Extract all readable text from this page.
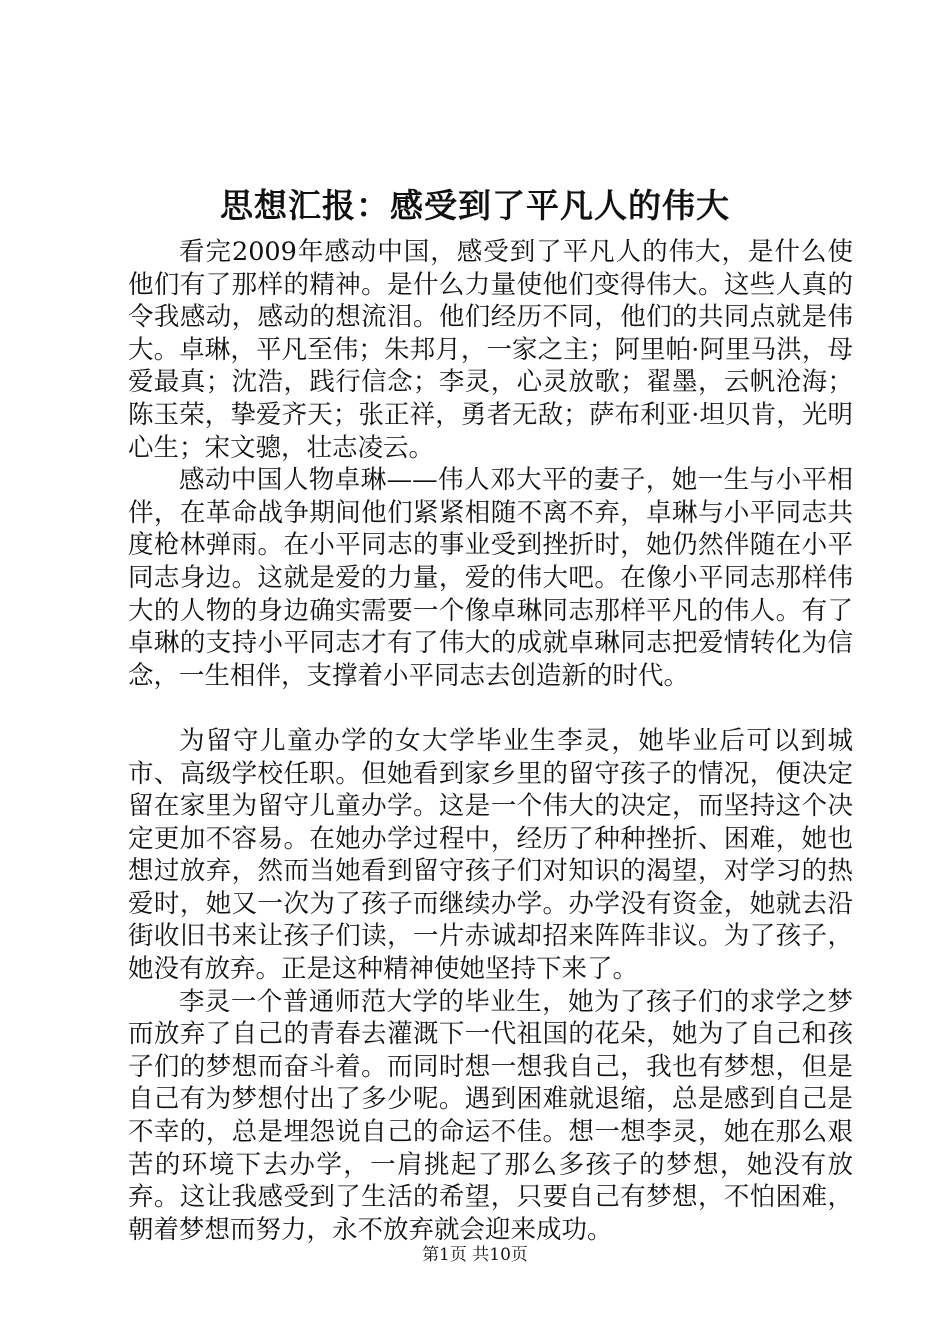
思想汇报：感受到了平凡人的伟大

看完2009年感动中国，感受到了平凡人的伟大，是什么使他们有了那样的精神。是什么力量使他们变得伟大。这些人真的令我感动，感动的想流泪。他们经历不同，他们的共同点就是伟大。卓琳，平凡至伟；朱邦月，一家之主；阿里帕·阿里马洪，母爱最真；沈浩，践行信念；李灵，心灵放歌；翟墨，云帆沧海；陈玉荣，挚爱齐天；张正祥，勇者无敌；萨布利亚·坦贝肯，光明心生；宋文骢，壮志凌云。

感动中国人物卓琳——伟人邓大平的妻子，她一生与小平相伴，在革命战争期间他们紧紧相随不离不弃，卓琳与小平同志共度枪林弹雨。在小平同志的事业受到挫折时，她仍然伴随在小平同志身边。这就是爱的力量，爱的伟大吧。在像小平同志那样伟大的人物的身边确实需要一个像卓琳同志那样平凡的伟人。有了卓琳的支持小平同志才有了伟大的成就卓琳同志把爱情转化为信念，一生相伴，支撑着小平同志去创造新的时代。

为留守儿童办学的女大学毕业生李灵，她毕业后可以到城市、高级学校任职。但她看到家乡里的留守孩子的情况，便决定留在家里为留守儿童办学。这是一个伟大的决定，而坚持这个决定更加不容易。在她办学过程中，经历了种种挫折、困难，她也想过放弃，然而当她看到留守孩子们对知识的渴望，对学习的热爱时，她又一次为了孩子而继续办学。办学没有资金，她就去沿街收旧书来让孩子们读，一片赤诚却招来阵阵非议。为了孩子，她没有放弃。正是这种精神使她坚持下来了。

李灵一个普通师范大学的毕业生，她为了孩子们的求学之梦而放弃了自己的青春去灌溉下一代祖国的花朵，她为了自己和孩子们的梦想而奋斗着。而同时想一想我自己，我也有梦想，但是自己有为梦想付出了多少呢。遇到困难就退缩，总是感到自己是不幸的，总是埋怨说自己的命运不佳。想一想李灵，她在那么艰苦的环境下去办学，一肩挑起了那么多孩子的梦想，她没有放弃。这让我感受到了生活的希望，只要自己有梦想，不怕困难，朝着梦想而努力，永不放弃就会迎来成功。

第1页 共10页
